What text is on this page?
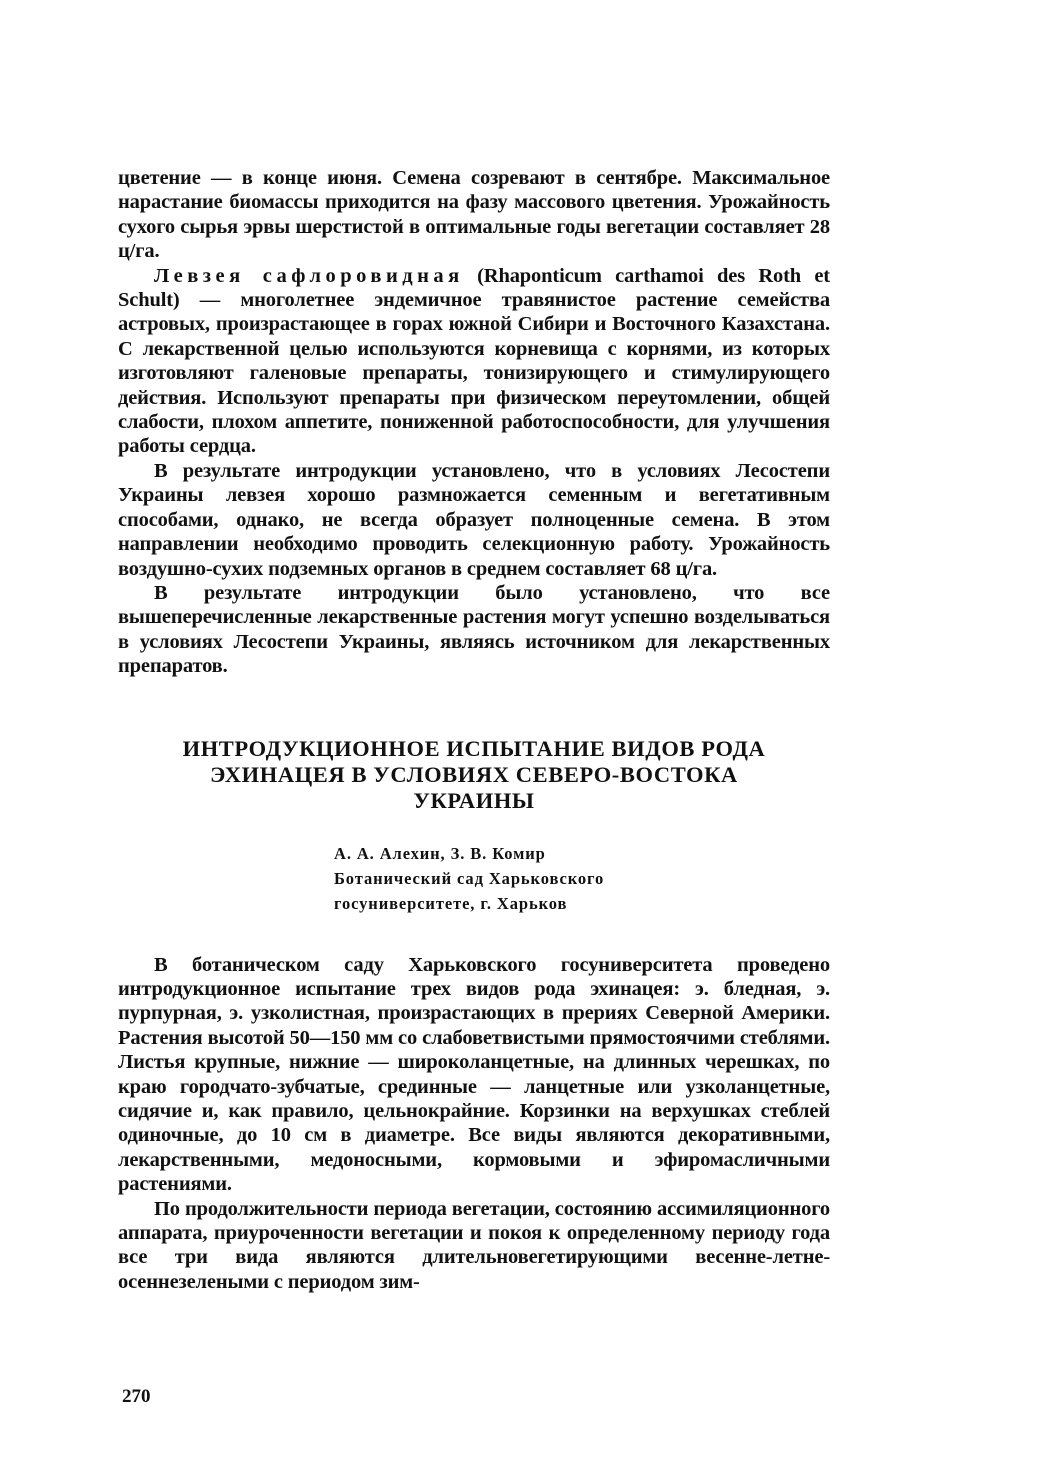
цветение — в конце июня. Семена созревают в сентябре. Максимальное нарастание биомассы приходится на фазу массового цветения. Урожайность сухого сырья эрвы шерстистой в оптимальные годы вегетации составляет 28 ц/га.

Левзея сафлоровидная (Rhaponticum carthamoi des Roth et Schult) — многолетнее эндемичное травянистое растение семейства астровых, произрастающее в горах южной Сибири и Восточного Казахстана. С лекарственной целью используются корневища с корнями, из которых изготовляют галеновые препараты, тонизирующего и стимулирующего действия. Используют препараты при физическом переутомлении, общей слабости, плохом аппетите, пониженной работоспособности, для улучшения работы сердца.

В результате интродукции установлено, что в условиях Лесостепи Украины левзея хорошо размножается семенным и вегетативным способами, однако, не всегда образует полноценные семена. В этом направлении необходимо проводить селекционную работу. Урожайность воздушно-сухих подземных органов в среднем составляет 68 ц/га.

В результате интродукции было установлено, что все вышеперечисленные лекарственные растения могут успешно возделываться в условиях Лесостепи Украины, являясь источником для лекарственных препаратов.

ИНТРОДУКЦИОННОЕ ИСПЫТАНИЕ ВИДОВ РОДА
ЭХИНАЦЕЯ В УСЛОВИЯХ СЕВЕРО-ВОСТОКА
УКРАИНЫ
А. А. Алехин, З. В. Комир
Ботанический сад Харьковского
госуниверситете, г. Харьков

В ботаническом саду Харьковского госуниверситета проведено интродукционное испытание трех видов рода эхинацея: э. бледная, э. пурпурная, э. узколистная, произрастающих в прериях Северной Америки. Растения высотой 50—150 мм со слабоветвистыми прямостоячими стеблями. Листья крупные, нижние — широколанцетные, на длинных черешках, по краю городчато-зубчатые, срединные — ланцетные или узколанцетные, сидячие и, как правило, цельнокрайние. Корзинки на верхушках стеблей одиночные, до 10 см в диаметре. Все виды являются декоративными, лекарственными, медоносными, кормовыми и эфиромасличными растениями.

По продолжительности периода вегетации, состоянию ассимиляционного аппарата, приуроченности вегетации и покоя к определенному периоду года все три вида являются длительновегетирующими весенне-летне-осеннезелеными с периодом зим-

270
